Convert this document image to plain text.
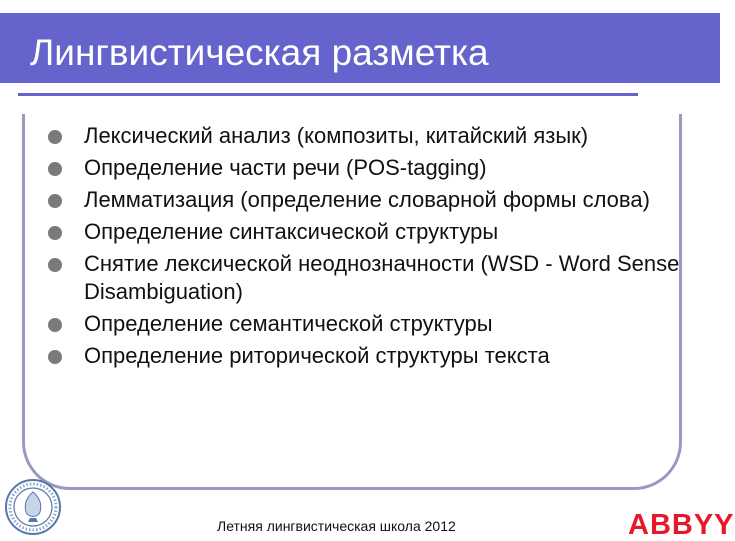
Лингвистическая разметка
Лексический анализ (композиты, китайский язык)
Определение части речи (POS-tagging)
Лемматизация (определение словарной формы слова)
Определение синтаксической структуры
Снятие лексической неоднозначности (WSD - Word Sense Disambiguation)
Определение семантической структуры
Определение риторической структуры текста
Летняя лингвистическая школа 2012	ABBYY
